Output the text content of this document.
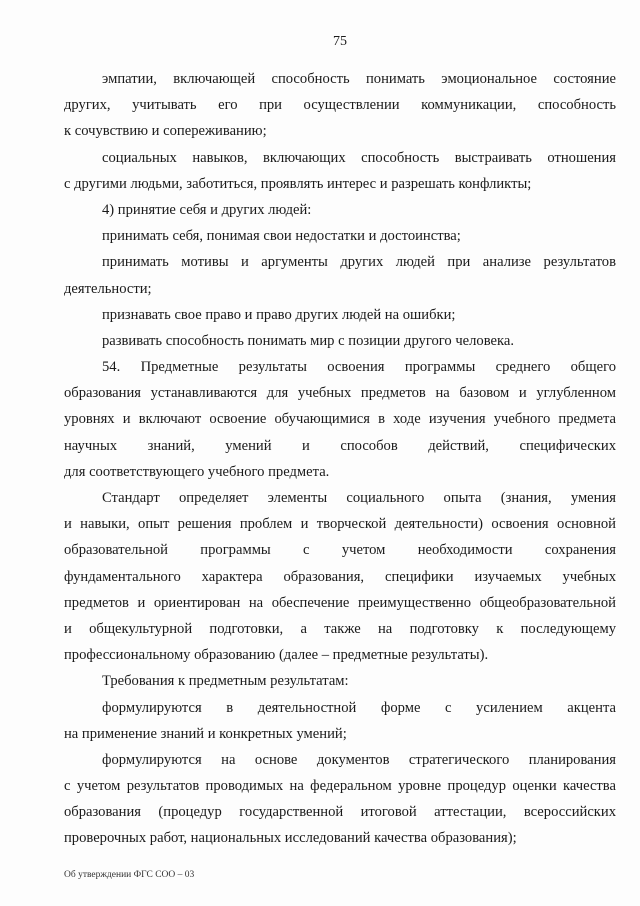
75
эмпатии, включающей способность понимать эмоциональное состояние
других, учитывать его при осуществлении коммуникации, способность
к сочувствию и сопереживанию;
социальных навыков, включающих способность выстраивать отношения
с другими людьми, заботиться, проявлять интерес и разрешать конфликты;
4) принятие себя и других людей:
принимать себя, понимая свои недостатки и достоинства;
принимать мотивы и аргументы других людей при анализе результатов
деятельности;
признавать свое право и право других людей на ошибки;
развивать способность понимать мир с позиции другого человека.
54. Предметные результаты освоения программы среднего общего
образования устанавливаются для учебных предметов на базовом и углубленном
уровнях и включают освоение обучающимися в ходе изучения учебного предмета
научных знаний, умений и способов действий, специфических
для соответствующего учебного предмета.
Стандарт определяет элементы социального опыта (знания, умения
и навыки, опыт решения проблем и творческой деятельности) освоения основной
образовательной программы с учетом необходимости сохранения
фундаментального характера образования, специфики изучаемых учебных
предметов и ориентирован на обеспечение преимущественно общеобразовательной
и общекультурной подготовки, а также на подготовку к последующему
профессиональному образованию (далее – предметные результаты).
Требования к предметным результатам:
формулируются в деятельностной форме с усилением акцента
на применение знаний и конкретных умений;
формулируются на основе документов стратегического планирования
с учетом результатов проводимых на федеральном уровне процедур оценки качества
образования (процедур государственной итоговой аттестации, всероссийских
проверочных работ, национальных исследований качества образования);
Об утверждении ФГС СОО – 03
